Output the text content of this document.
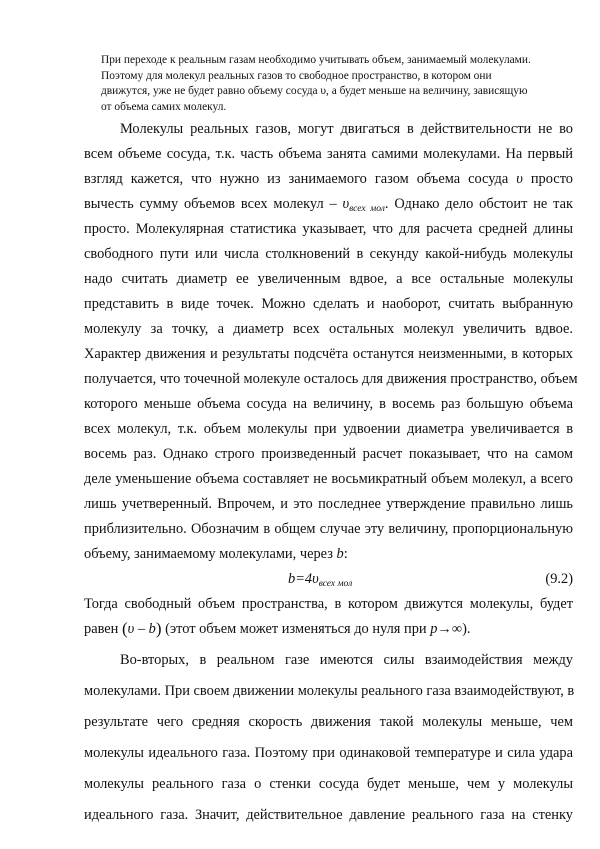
При переходе к реальным газам необходимо учитывать объем, занимаемый молекулами.
Поэтому для молекул реальных газов то свободное пространство, в котором они
движутся, уже не будет равно объему сосуда υ, а будет меньше на величину, зависящую
от объема самих молекул.
Молекулы реальных газов, могут двигаться в действительности не во
всем объеме сосуда, т.к. часть объема занята самими молекулами. На первый
взгляд кажется, что нужно из занимаемого газом объема сосуда υ просто
вычесть сумму объемов всех молекул – $\upsilon_{всех мол}$. Однако дело обстоит не так
просто. Молекулярная статистика указывает, что для расчета средней длины
свободного пути или числа столкновений в секунду какой-нибудь молекулы
надо считать диаметр ее увеличенным вдвое, а все остальные молекулы
представить в виде точек. Можно сделать и наоборот, считать выбранную
молекулу за точку, а диаметр всех остальных молекул увеличить вдвое.
Характер движения и результаты подсчёта останутся неизменными, в которых
получается, что точечной молекуле осталось для движения пространство, объем
которого меньше объема сосуда на величину, в восемь раз большую объема
всех молекул, т.к. объем молекулы при удвоении диаметра увеличивается в
восемь раз. Однако строго произведенный расчет показывает, что на самом
деле уменьшение объема составляет не восьмикратный объем молекул, а всего
лишь учетверенный. Впрочем, и это последнее утверждение правильно лишь
приблизительно. Обозначим в общем случае эту величину, пропорциональную
объему, занимаемому молекулами, через b:
$b=4\upsilon_{всех мол}$	(9.2)
Тогда свободный объем пространства, в котором движутся молекулы, будет
равен (υ – b) (этот объем может изменяться до нуля при p→∞).
Во-вторых, в реальном газе имеются силы взаимодействия между
молекулами. При своем движении молекулы реального газа взаимодействуют, в
результате чего средняя скорость движения такой молекулы меньше, чем
молекулы идеального газа. Поэтому при одинаковой температуре и сила удара
молекулы реального газа о стенки сосуда будет меньше, чем у молекулы
идеального газа. Значит, действительное давление реального газа на стенку
